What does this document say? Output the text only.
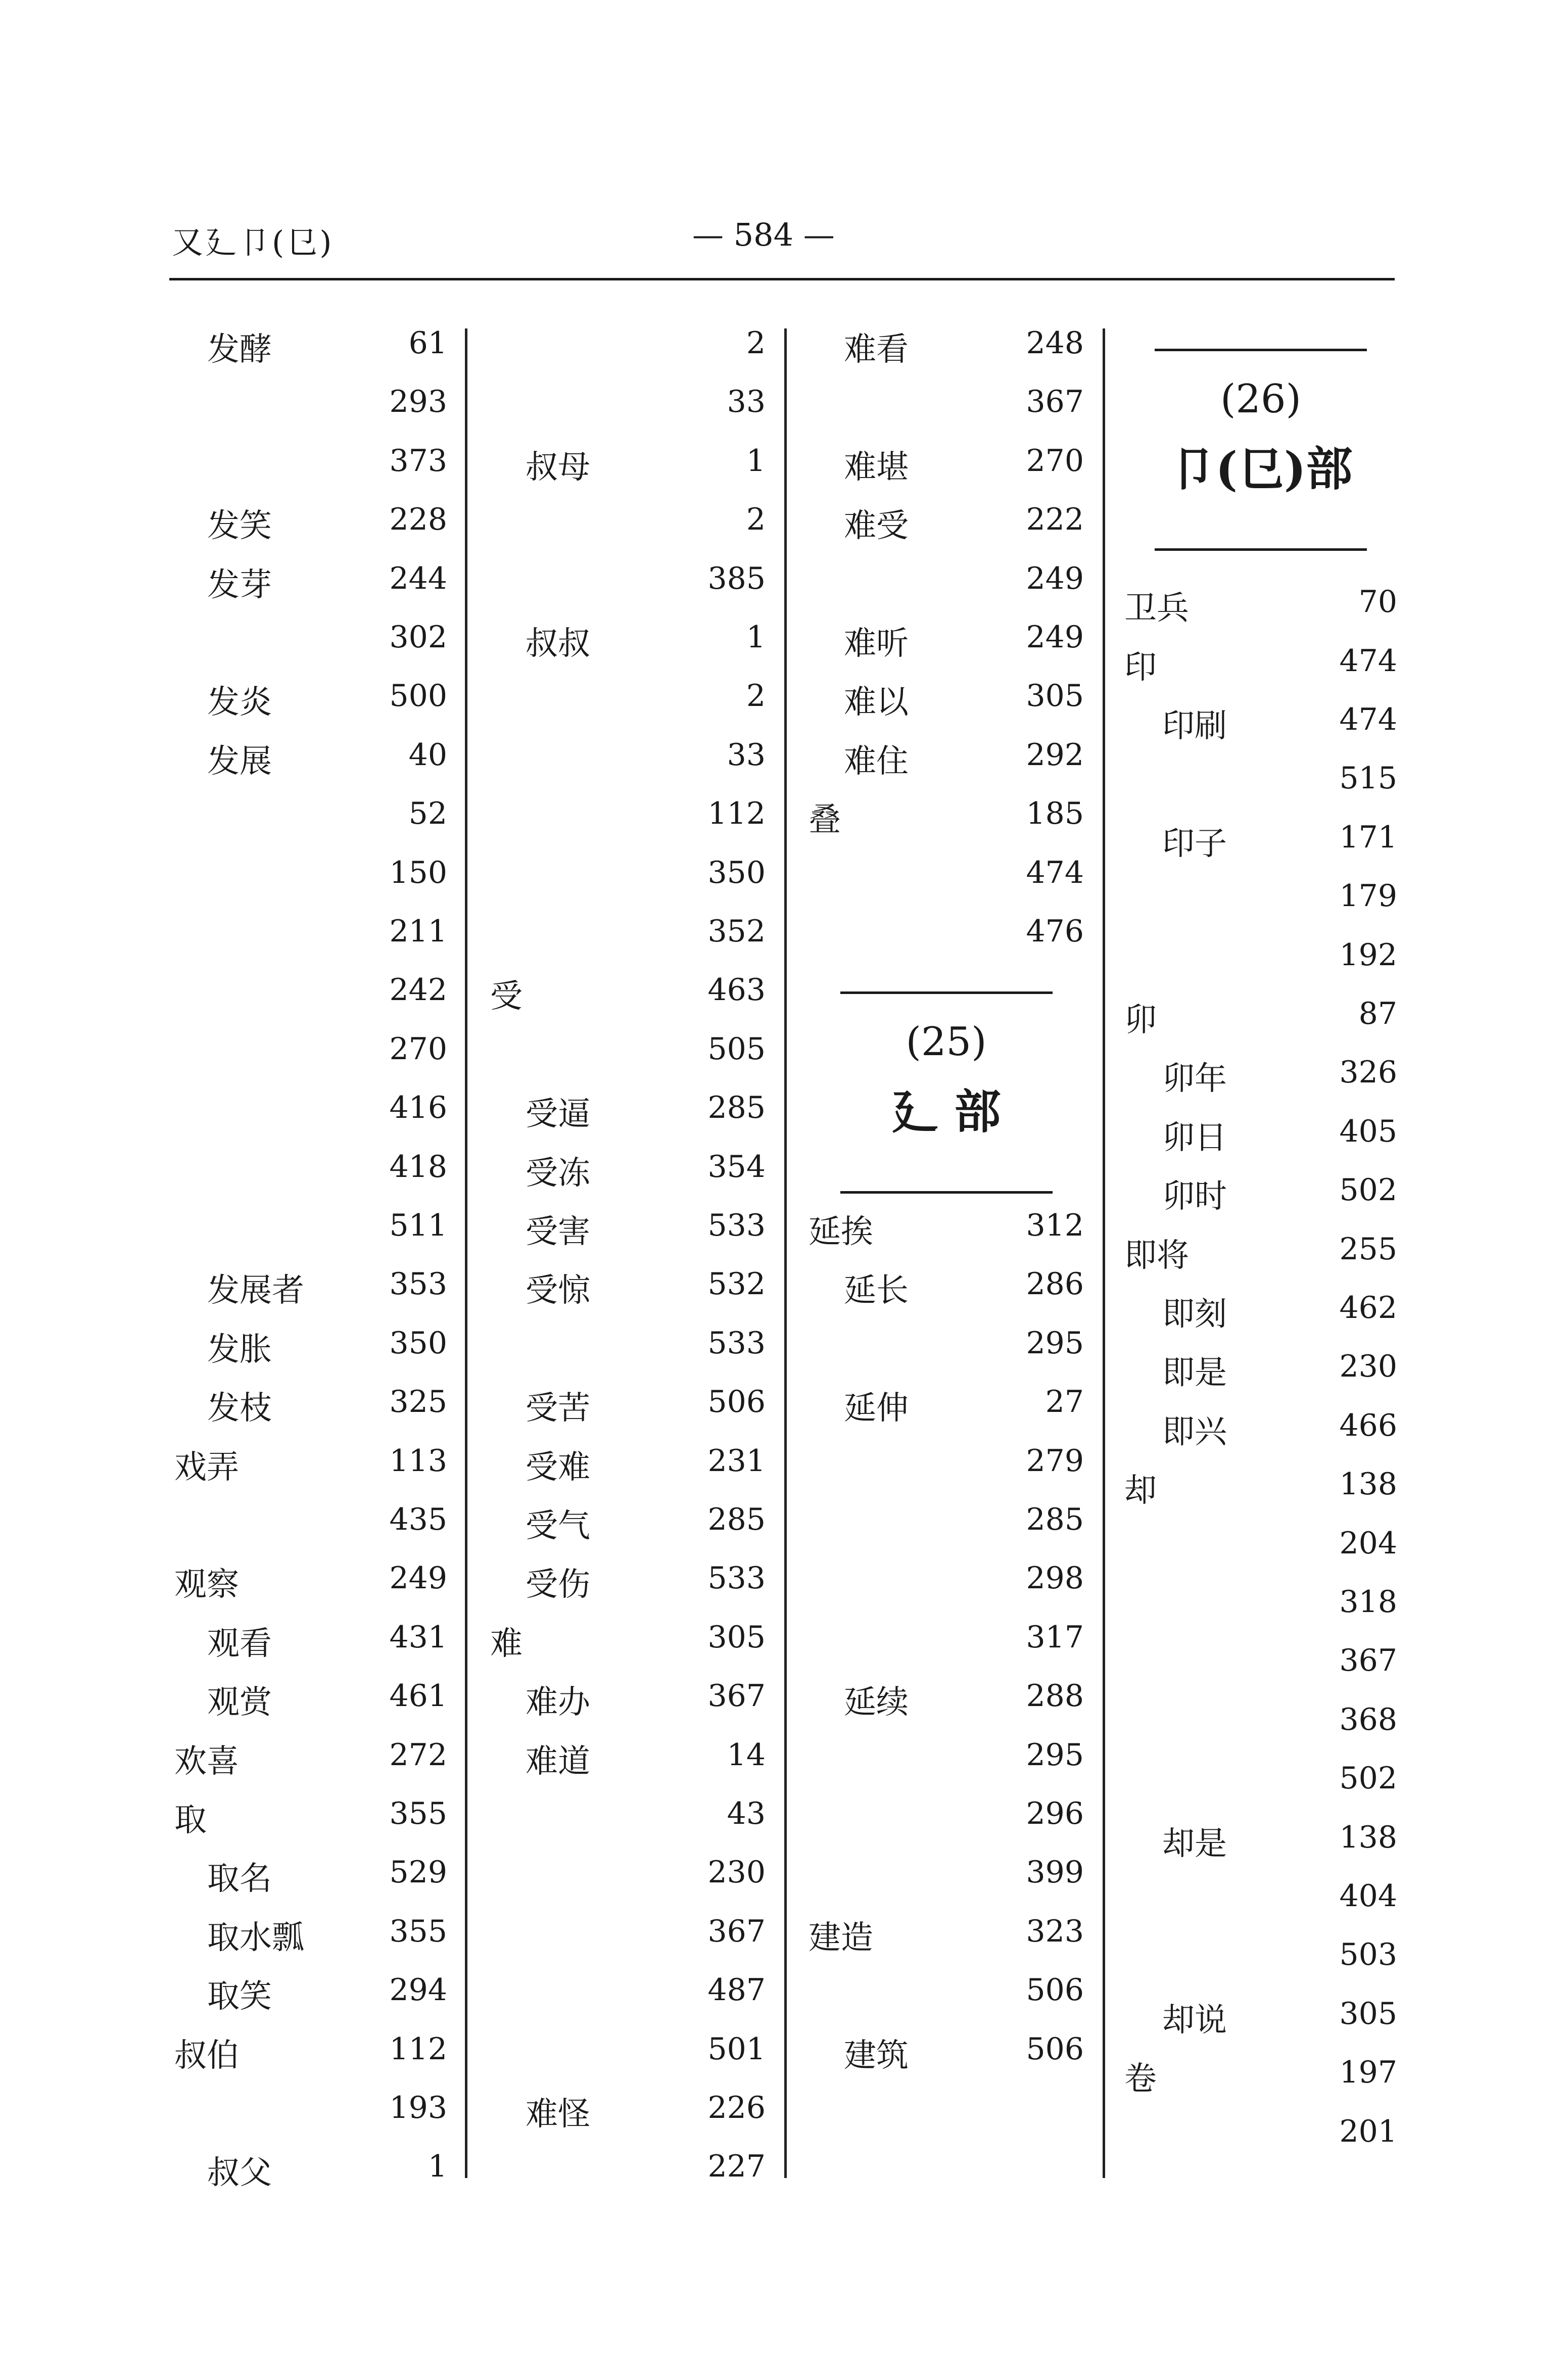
又廴卩(㔾)	— 584 —
发酵	61
293
373
发笑	228
发芽	244
302
发炎	500
发展	40
52
150
211
242
270
416
418
511
发展者	353
发胀	350
发枝	325
戏弄	113
435
观察	249
观看	431
观赏	461
欢喜	272
取	355
取名	529
取水瓢	355
取笑	294
叔伯	112
193
叔父	1
2
33
叔母	1
2
385
叔叔	1
2
33
112
350
352
受	463
505
受逼	285
受冻	354
受害	533
受惊	532
533
受苦	506
受难	231
受气	285
受伤	533
难	305
难办	367
难道	14
43
230
367
487
501
难怪	226
227
难看	248
367
难堪	270
难受	222
249
难听	249
难以	305
难住	292
叠	185
474
476
(25)
廴 部
延挨	312
延长	286
295
延伸	27
279
285
298
317
延续	288
295
296
399
建造	323
506
建筑	506
(26)
卩(㔾)部
卫兵	70
印	474
印刷	474
515
印子	171
179
192
卯	87
卯年	326
卯日	405
卯时	502
即将	255
即刻	462
即是	230
即兴	466
却	138
204
318
367
368
502
却是	138
404
503
却说	305
卷	197
201
